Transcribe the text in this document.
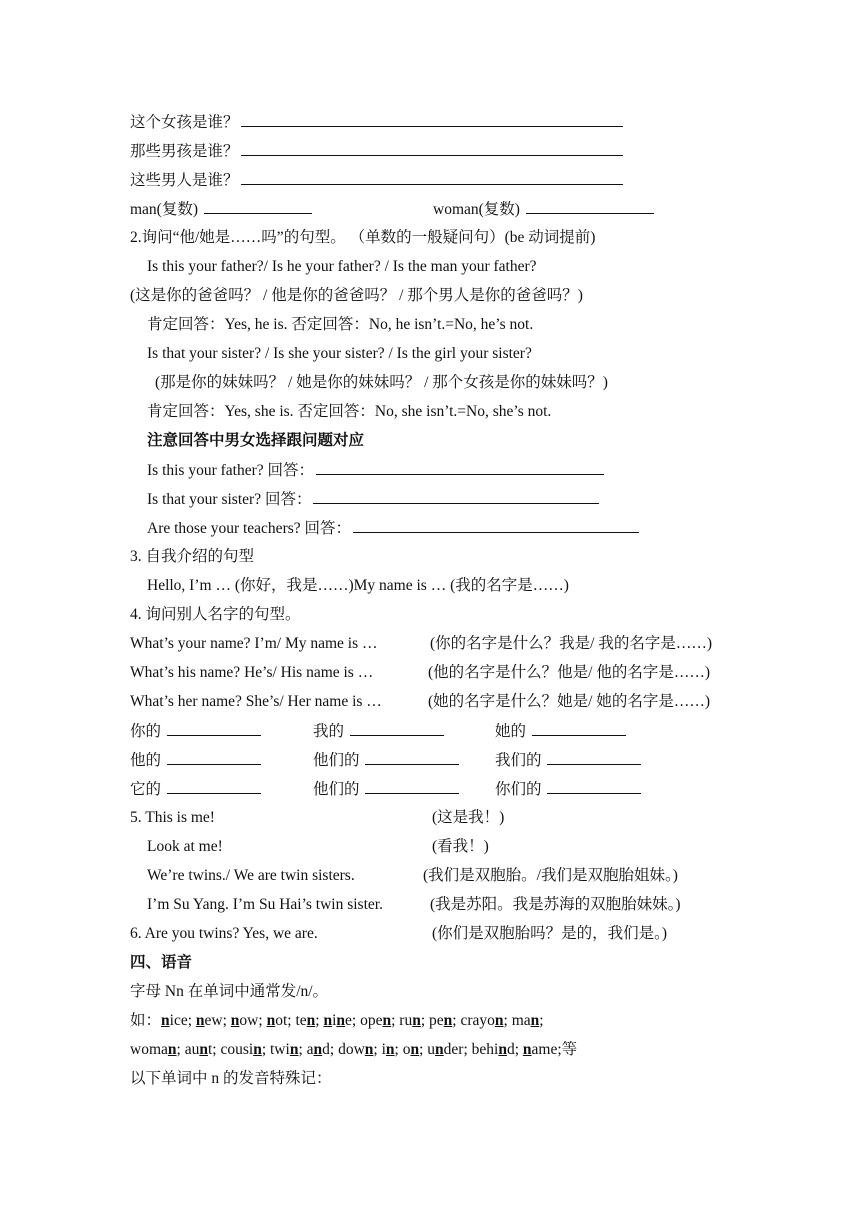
这个女孩是谁？
那些男孩是谁？
这些男人是谁？
man(复数)	woman(复数)
2.询问“他/她是……吗”的句型。 （单数的一般疑问句）(be 动词提前)
Is this your father?/ Is he your father? / Is the man your father?
(这是你的爸爸吗？ / 他是你的爸爸吗？ / 那个男人是你的爸爸吗？)
肯定回答：Yes, he is. 否定回答：No, he isn’t.=No, he’s not.
Is that your sister? / Is she your sister? / Is the girl your sister?
(那是你的妹妹吗？ / 她是你的妹妹吗？ / 那个女孩是你的妹妹吗？)
肯定回答：Yes, she is. 否定回答：No, she isn’t.=No, she’s not.
注意回答中男女选择跟问题对应
Is this your father? 回答：
Is that your sister? 回答：
Are those your teachers? 回答：
3. 自我介绍的句型
Hello, I’m … (你好，我是……)My name is … (我的名字是……)
4. 询问别人名字的句型。
What’s your name? I’m/ My name is …	(你的名字是什么？我是/ 我的名字是……)
What’s his name? He’s/ His name is …	(他的名字是什么？他是/ 他的名字是……)
What’s her name? She’s/ Her name is …	(她的名字是什么？她是/ 她的名字是……)
你的	我的	她的
他的	他们的	我们的
它的	他们的	你们的
5. This is me!	(这是我！)
Look at me!	(看我！)
We’re twins./ We are twin sisters.	(我们是双胞胎。/我们是双胞胎姐妹。)
I’m Su Yang. I’m Su Hai’s twin sister.	(我是苏阳。我是苏海的双胞胎妹妹。)
6. Are you twins? Yes, we are.	(你们是双胞胎吗？是的，我们是。)
四、语音
字母 Nn 在单词中通常发/n/。
如：nice; new; now; not; ten; nine; open; run; pen; crayon; man;
woman; aunt; cousin; twin; and; down; in; on; under; behind; name;等
以下单词中 n 的发音特殊记：
